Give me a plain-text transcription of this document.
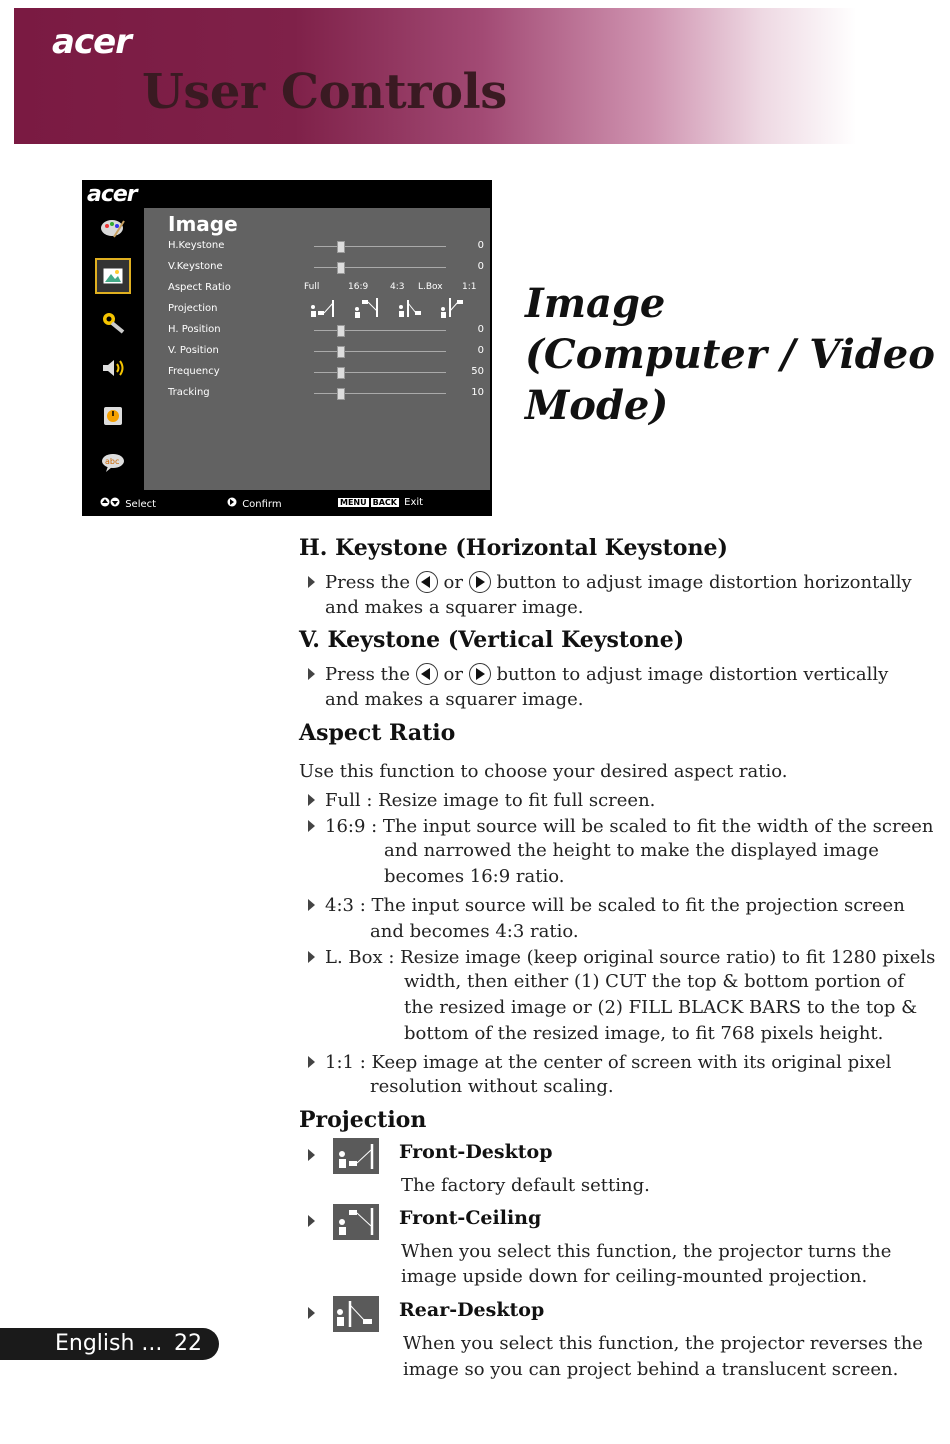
acer
User Controls
acer
abc
Image
H.Keystone	0
V.Keystone	0
Aspect Ratio	Full	16:9 4:3 L.Box 1:1
Projection
H. Position	0
V. Position	0
Frequency	50
Tracking	10
Select	Confirm	MENU BACK Exit
Image
(Computer / Video
Mode)
H. Keystone (Horizontal Keystone)
Press the or button to adjust image distortion horizontally
and makes a squarer image.
V. Keystone (Vertical Keystone)
Press the or button to adjust image distortion vertically
and makes a squarer image.
Aspect Ratio
Use this function to choose your desired aspect ratio.
Full : Resize image to fit full screen.
16:9 : The input source will be scaled to fit the width of the screen
and narrowed the height to make the displayed image
becomes 16:9 ratio.
4:3 : The input source will be scaled to fit the projection screen
and becomes 4:3 ratio.
L. Box : Resize image (keep original source ratio) to fit 1280 pixels
width, then either (1) CUT the top & bottom portion of
the resized image or (2) FILL BLACK BARS to the top &
bottom of the resized image, to fit 768 pixels height.
1:1 : Keep image at the center of screen with its original pixel
resolution without scaling.
Projection
Front-Desktop
The factory default setting.
Front-Ceiling
When you select this function, the projector turns the
image upside down for ceiling-mounted projection.
Rear-Desktop
When you select this function, the projector reverses the
image so you can project behind a translucent screen.
English ... 22
